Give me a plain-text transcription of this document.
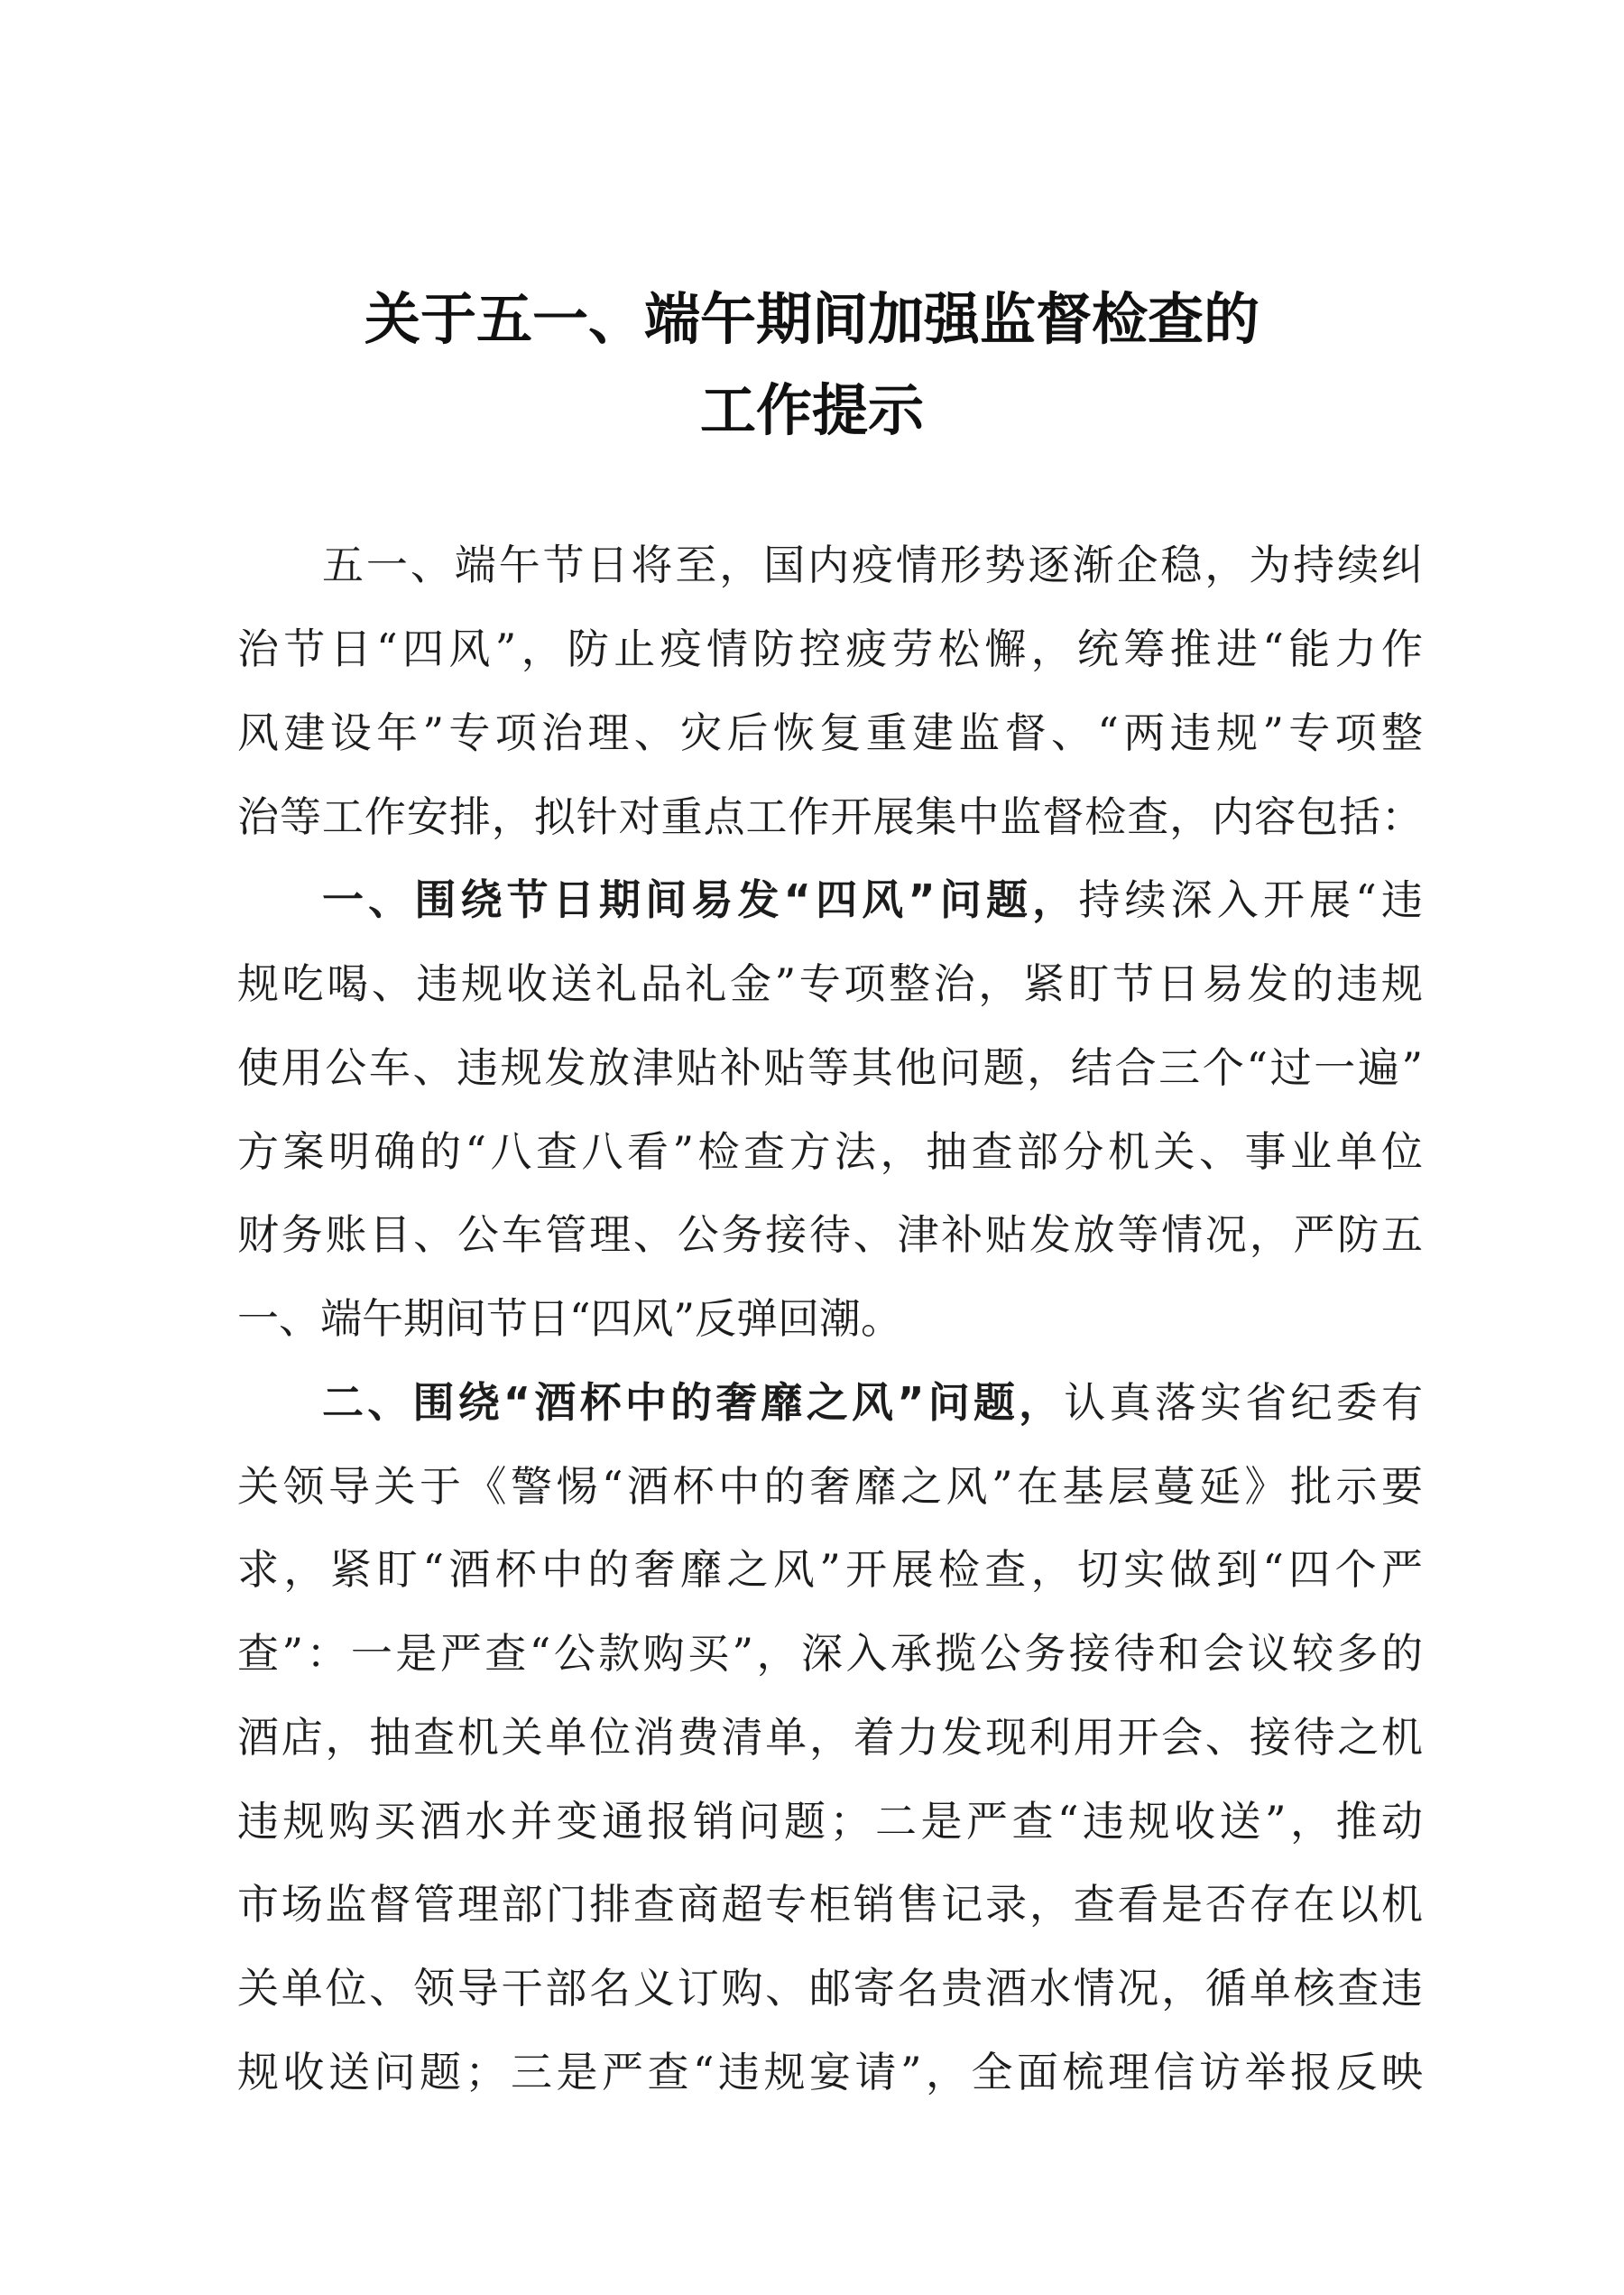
关于五一、端午期间加强监督检查的
工作提示
五一、端午节日将至，国内疫情形势逐渐企稳，为持续纠
治节日“四风”，防止疫情防控疲劳松懈，统筹推进“能力作
风建设年”专项治理、灾后恢复重建监督、“两违规”专项整
治等工作安排，拟针对重点工作开展集中监督检查，内容包括：
一、围绕节日期间易发“四风”问题，持续深入开展“违
规吃喝、违规收送礼品礼金”专项整治，紧盯节日易发的违规
使用公车、违规发放津贴补贴等其他问题，结合三个“过一遍”
方案明确的“八查八看”检查方法，抽查部分机关、事业单位
财务账目、公车管理、公务接待、津补贴发放等情况，严防五
一、端午期间节日“四风”反弹回潮。
二、围绕“酒杯中的奢靡之风”问题，认真落实省纪委有
关领导关于《警惕“酒杯中的奢靡之风”在基层蔓延》批示要
求，紧盯“酒杯中的奢靡之风”开展检查，切实做到“四个严
查”：一是严查“公款购买”，深入承揽公务接待和会议较多的
酒店，抽查机关单位消费清单，着力发现利用开会、接待之机
违规购买酒水并变通报销问题；二是严查“违规收送”，推动
市场监督管理部门排查商超专柜销售记录，查看是否存在以机
关单位、领导干部名义订购、邮寄名贵酒水情况，循单核查违
规收送问题；三是严查“违规宴请”，全面梳理信访举报反映
